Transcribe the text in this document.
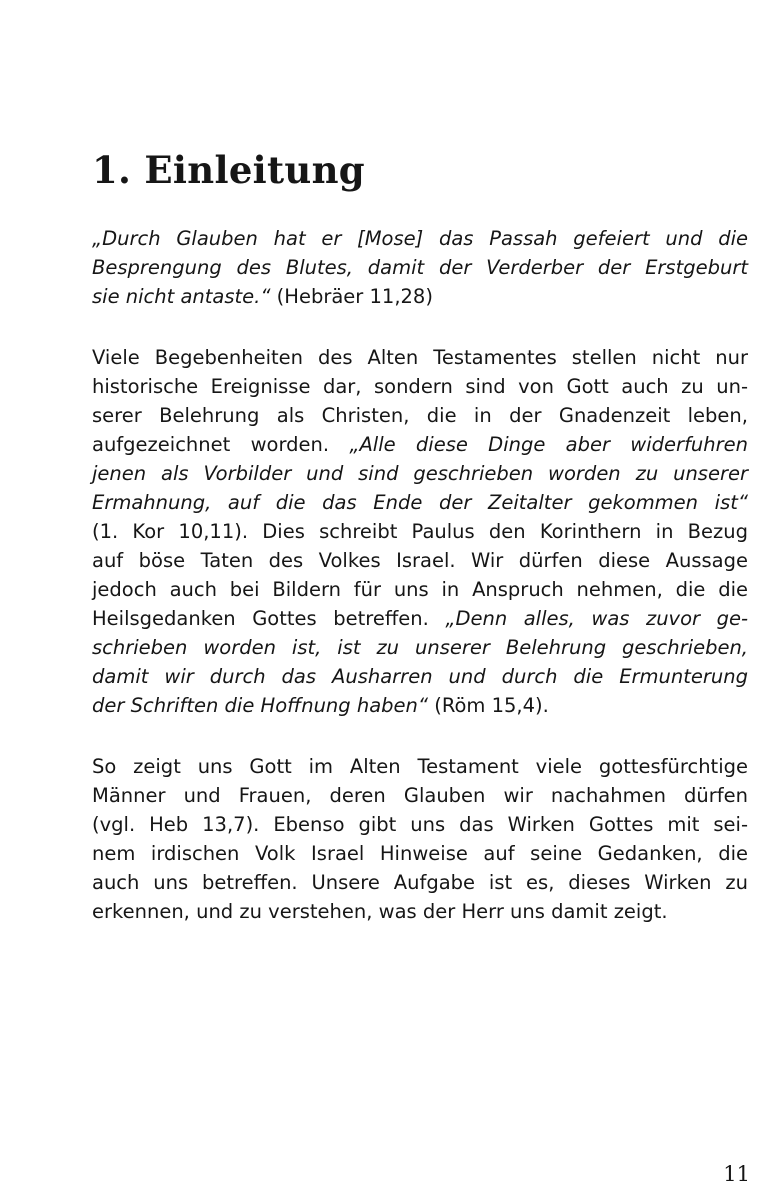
1. Einleitung
„Durch Glauben hat er [Mose] das Passah gefeiert und die
Besprengung des Blutes, damit der Verderber der Erstgeburt
sie nicht antaste.“ (Hebräer 11,28)
Viele Begebenheiten des Alten Testamentes stellen nicht nur
historische Ereignisse dar, sondern sind von Gott auch zu un-
serer Belehrung als Christen, die in der Gnadenzeit leben,
aufgezeichnet worden. „Alle diese Dinge aber widerfuhren
jenen als Vorbilder und sind geschrieben worden zu unserer
Ermahnung, auf die das Ende der Zeitalter gekommen ist“
(1. Kor 10,11). Dies schreibt Paulus den Korinthern in Bezug
auf böse Taten des Volkes Israel. Wir dürfen diese Aussage
jedoch auch bei Bildern für uns in Anspruch nehmen, die die
Heilsgedanken Gottes betreffen. „Denn alles, was zuvor ge-
schrieben worden ist, ist zu unserer Belehrung geschrieben,
damit wir durch das Ausharren und durch die Ermunterung
der Schriften die Hoffnung haben“ (Röm 15,4).
So zeigt uns Gott im Alten Testament viele gottesfürchtige
Männer und Frauen, deren Glauben wir nachahmen dürfen
(vgl. Heb 13,7). Ebenso gibt uns das Wirken Gottes mit sei-
nem irdischen Volk Israel Hinweise auf seine Gedanken, die
auch uns betreffen. Unsere Aufgabe ist es, dieses Wirken zu
erkennen, und zu verstehen, was der Herr uns damit zeigt.
11
